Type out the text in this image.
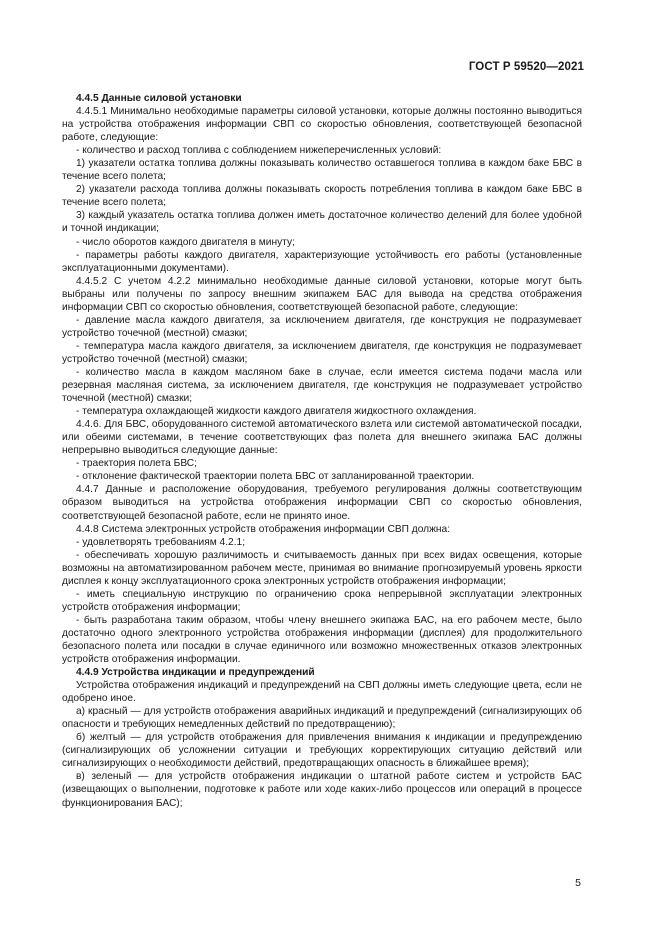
ГОСТ Р 59520—2021

4.4.5 Данные силовой установки

4.4.5.1 Минимально необходимые параметры силовой установки, которые должны постоянно выводиться на устройства отображения информации СВП со скоростью обновления, соответствующей безопасной работе, следующие:

- количество и расход топлива с соблюдением нижеперечисленных условий:

1) указатели остатка топлива должны показывать количество оставшегося топлива в каждом баке БВС в течение всего полета;

2) указатели расхода топлива должны показывать скорость потребления топлива в каждом баке БВС в течение всего полета;

3) каждый указатель остатка топлива должен иметь достаточное количество делений для более удобной и точной индикации;

- число оборотов каждого двигателя в минуту;

- параметры работы каждого двигателя, характеризующие устойчивость его работы (установленные эксплуатационными документами).

4.4.5.2 С учетом 4.2.2 минимально необходимые данные силовой установки, которые могут быть выбраны или получены по запросу внешним экипажем БАС для вывода на средства отображения информации СВП со скоростью обновления, соответствующей безопасной работе, следующие:

- давление масла каждого двигателя, за исключением двигателя, где конструкция не подразумевает устройство точечной (местной) смазки;

- температура масла каждого двигателя, за исключением двигателя, где конструкция не подразумевает устройство точечной (местной) смазки;

- количество масла в каждом масляном баке в случае, если имеется система подачи масла или резервная масляная система, за исключением двигателя, где конструкция не подразумевает устройство точечной (местной) смазки;

- температура охлаждающей жидкости каждого двигателя жидкостного охлаждения.

4.4.6. Для БВС, оборудованного системой автоматического взлета или системой автоматической посадки, или обеими системами, в течение соответствующих фаз полета для внешнего экипажа БАС должны непрерывно выводиться следующие данные:

- траектория полета БВС;

- отклонение фактической траектории полета БВС от запланированной траектории.

4.4.7 Данные и расположение оборудования, требуемого регулирования должны соответствующим образом выводиться на устройства отображения информации СВП со скоростью обновления, соответствующей безопасной работе, если не принято иное.

4.4.8 Система электронных устройств отображения информации СВП должна:

- удовлетворять требованиям 4.2.1;

- обеспечивать хорошую различимость и считываемость данных при всех видах освещения, которые возможны на автоматизированном рабочем месте, принимая во внимание прогнозируемый уровень яркости дисплея к концу эксплуатационного срока электронных устройств отображения информации;

- иметь специальную инструкцию по ограничению срока непрерывной эксплуатации электронных устройств отображения информации;

- быть разработана таким образом, чтобы члену внешнего экипажа БАС, на его рабочем месте, было достаточно одного электронного устройства отображения информации (дисплея) для продолжительного безопасного полета или посадки в случае единичного или возможно множественных отказов электронных устройств отображения информации.

4.4.9 Устройства индикации и предупреждений

Устройства отображения индикаций и предупреждений на СВП должны иметь следующие цвета, если не одобрено иное.

а) красный — для устройств отображения аварийных индикаций и предупреждений (сигнализирующих об опасности и требующих немедленных действий по предотвращению);

б) желтый — для устройств отображения для привлечения внимания к индикации и предупреждению (сигнализирующих об усложнении ситуации и требующих корректирующих ситуацию действий или сигнализирующих о необходимости действий, предотвращающих опасность в ближайшее время);

в) зеленый — для устройств отображения индикации о штатной работе систем и устройств БАС (извещающих о выполнении, подготовке к работе или ходе каких-либо процессов или операций в процессе функционирования БАС);

5
